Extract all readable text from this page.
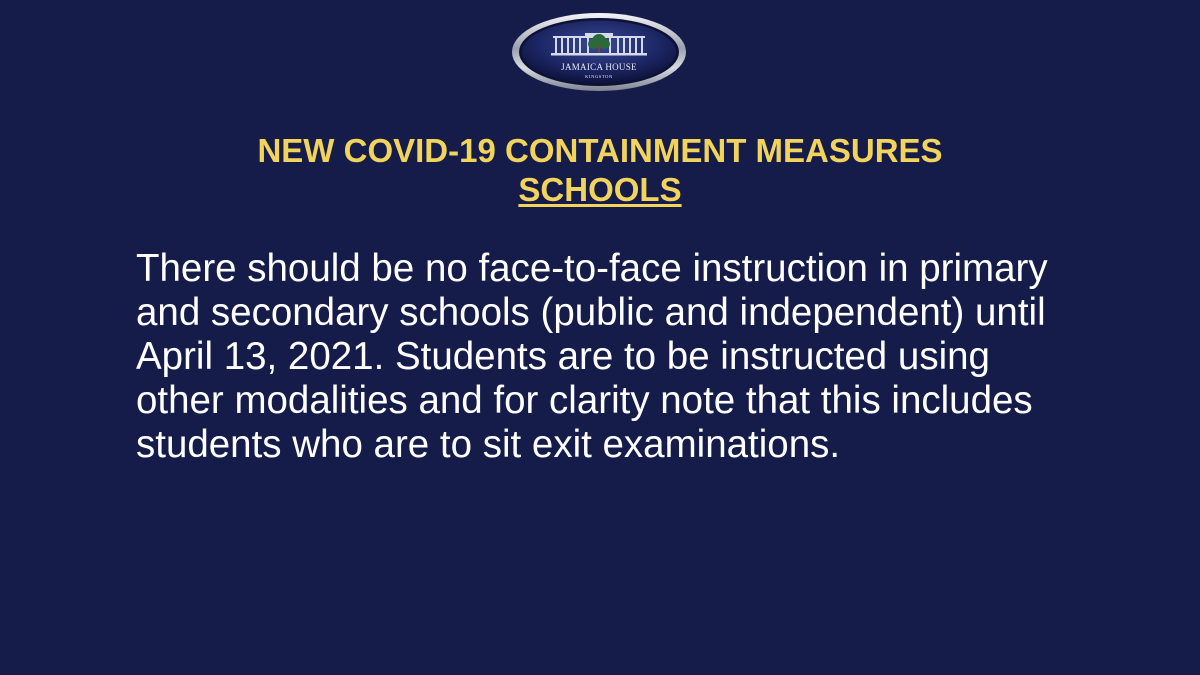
JAMAICA HOUSE
KINGSTON
NEW COVID-19 CONTAINMENT MEASURES
SCHOOLS

There should be no face-to-face instruction in primary and secondary schools (public and independent) until April 13, 2021. Students are to be instructed using other modalities and for clarity note that this includes students who are to sit exit examinations.
